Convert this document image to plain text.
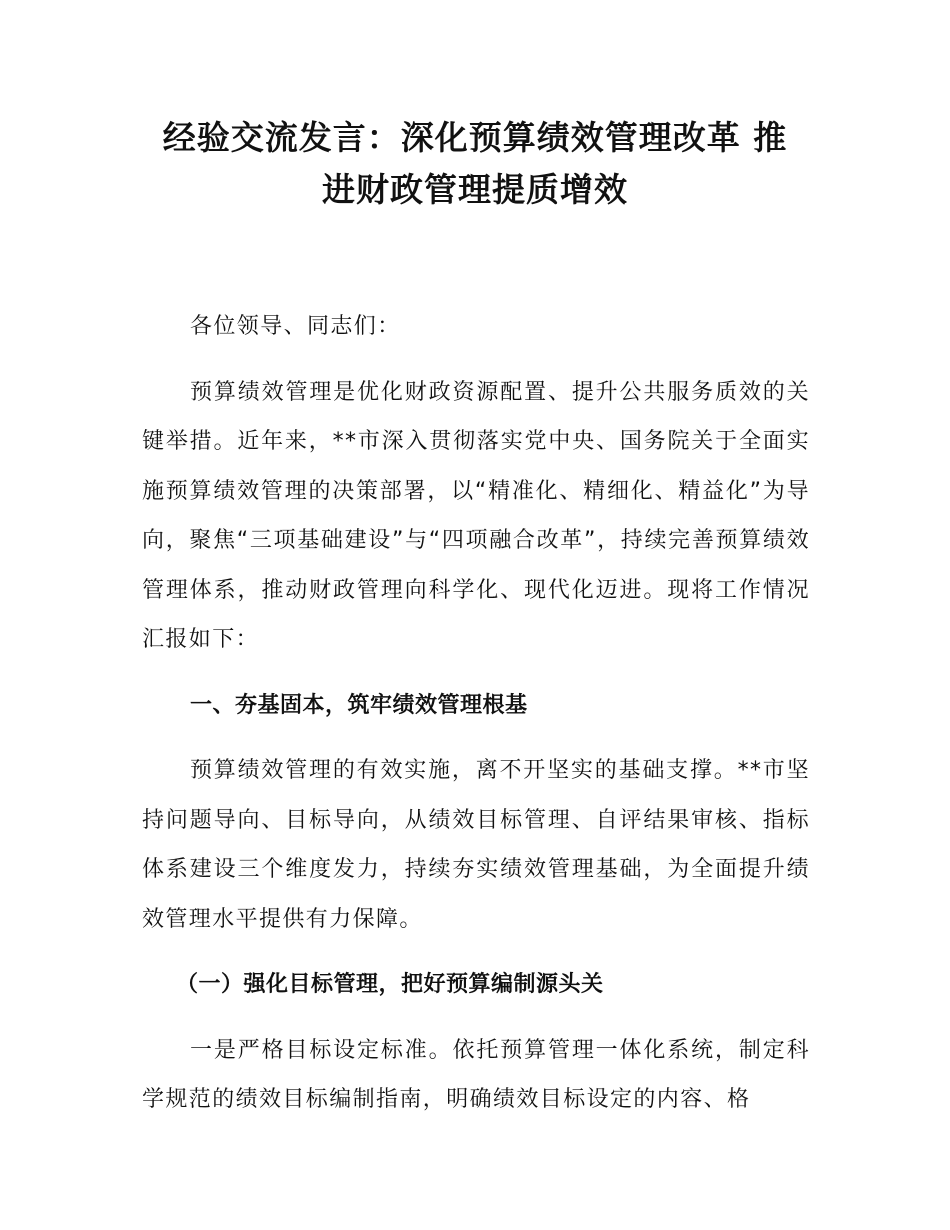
经验交流发言：深化预算绩效管理改革 推
进财政管理提质增效

各位领导、同志们：

预算绩效管理是优化财政资源配置、提升公共服务质效的关键举措。近年来，**市深入贯彻落实党中央、国务院关于全面实施预算绩效管理的决策部署，以“精准化、精细化、精益化”为导向，聚焦“三项基础建设”与“四项融合改革”，持续完善预算绩效管理体系，推动财政管理向科学化、现代化迈进。现将工作情况汇报如下：

一、夯基固本，筑牢绩效管理根基

预算绩效管理的有效实施，离不开坚实的基础支撑。**市坚持问题导向、目标导向，从绩效目标管理、自评结果审核、指标体系建设三个维度发力，持续夯实绩效管理基础，为全面提升绩效管理水平提供有力保障。

（一）强化目标管理，把好预算编制源头关

一是严格目标设定标准。依托预算管理一体化系统，制定科学规范的绩效目标编制指南，明确绩效目标设定的内容、格
